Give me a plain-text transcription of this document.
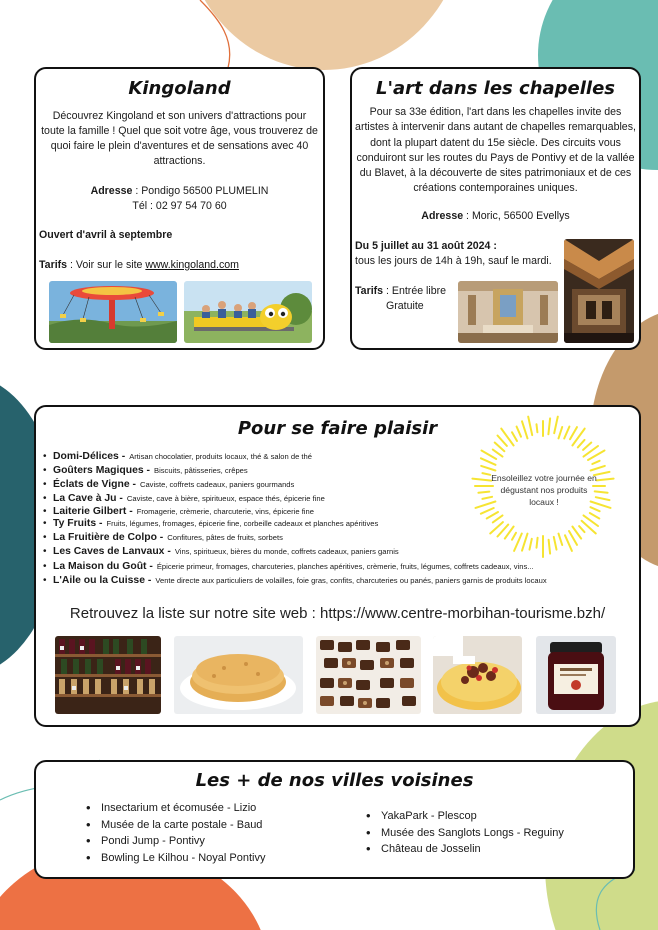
Kingoland

Découvrez Kingoland et son univers d'attractions pour toute la famille ! Quel que soit votre âge, vous trouverez de quoi faire le plein d'aventures et de sensations avec 40 attractions.

Adresse : Pondigo 56500 PLUMELIN
Tél : 02 97 54 70 60
Ouvert d'avril à septembre
Tarifs : Voir sur le site www.kingoland.com
L'art dans les chapelles

Pour sa 33e édition, l'art dans les chapelles invite des artistes à intervenir dans autant de chapelles remarquables, dont la plupart datent du 15e siècle. Des circuits vous conduiront sur les routes du Pays de Pontivy et de la vallée du Blavet, à la découverte de sites patrimoniaux et de ces créations contemporaines uniques.

Adresse : Moric, 56500 Evellys
Du 5 juillet au 31 août 2024 :
tous les jours de 14h à 19h, sauf le mardi.
Tarifs : Entrée libre
Gratuite
Pour se faire plaisir

Ensoleillez votre journée en dégustant nos produits locaux !

• Domi-Délices - Artisan chocolatier, produits locaux, thé & salon de thé
• Goûters Magiques - Biscuits, pâtisseries, crêpes
• Éclats de Vigne - Caviste, coffrets cadeaux, paniers gourmands
• La Cave à Ju - Caviste, cave à bière, spiritueux, espace thés, épicerie fine
• Laiterie Gilbert - Fromagerie, crèmerie, charcuterie, vins, épicerie fine
• Ty Fruits - Fruits, légumes, fromages, épicerie fine, corbeille cadeaux et planches apéritives
• La Fruitière de Colpo - Confitures, pâtes de fruits, sorbets
• Les Caves de Lanvaux - Vins, spiritueux, bières du monde, coffrets cadeaux, paniers garnis
• La Maison du Goût - Épicerie primeur, fromages, charcuteries, planches apéritives, crèmerie, fruits, légumes, coffrets cadeaux, vins...
• L'Aile ou la Cuisse - Vente directe aux particuliers de volailles, foie gras, confits, charcuteries ou panés, paniers garnis de produits locaux

Retrouvez la liste sur notre site web : https://www.centre-morbihan-tourisme.bzh/

Les + de nos villes voisines
• Insectarium et écomusée - Lizio
• Musée de la carte postale - Baud
• Pondi Jump - Pontivy
• Bowling Le Kilhou - Noyal Pontivy
• YakaPark - Plescop
• Musée des Sanglots Longs - Reguiny
• Château de Josselin
